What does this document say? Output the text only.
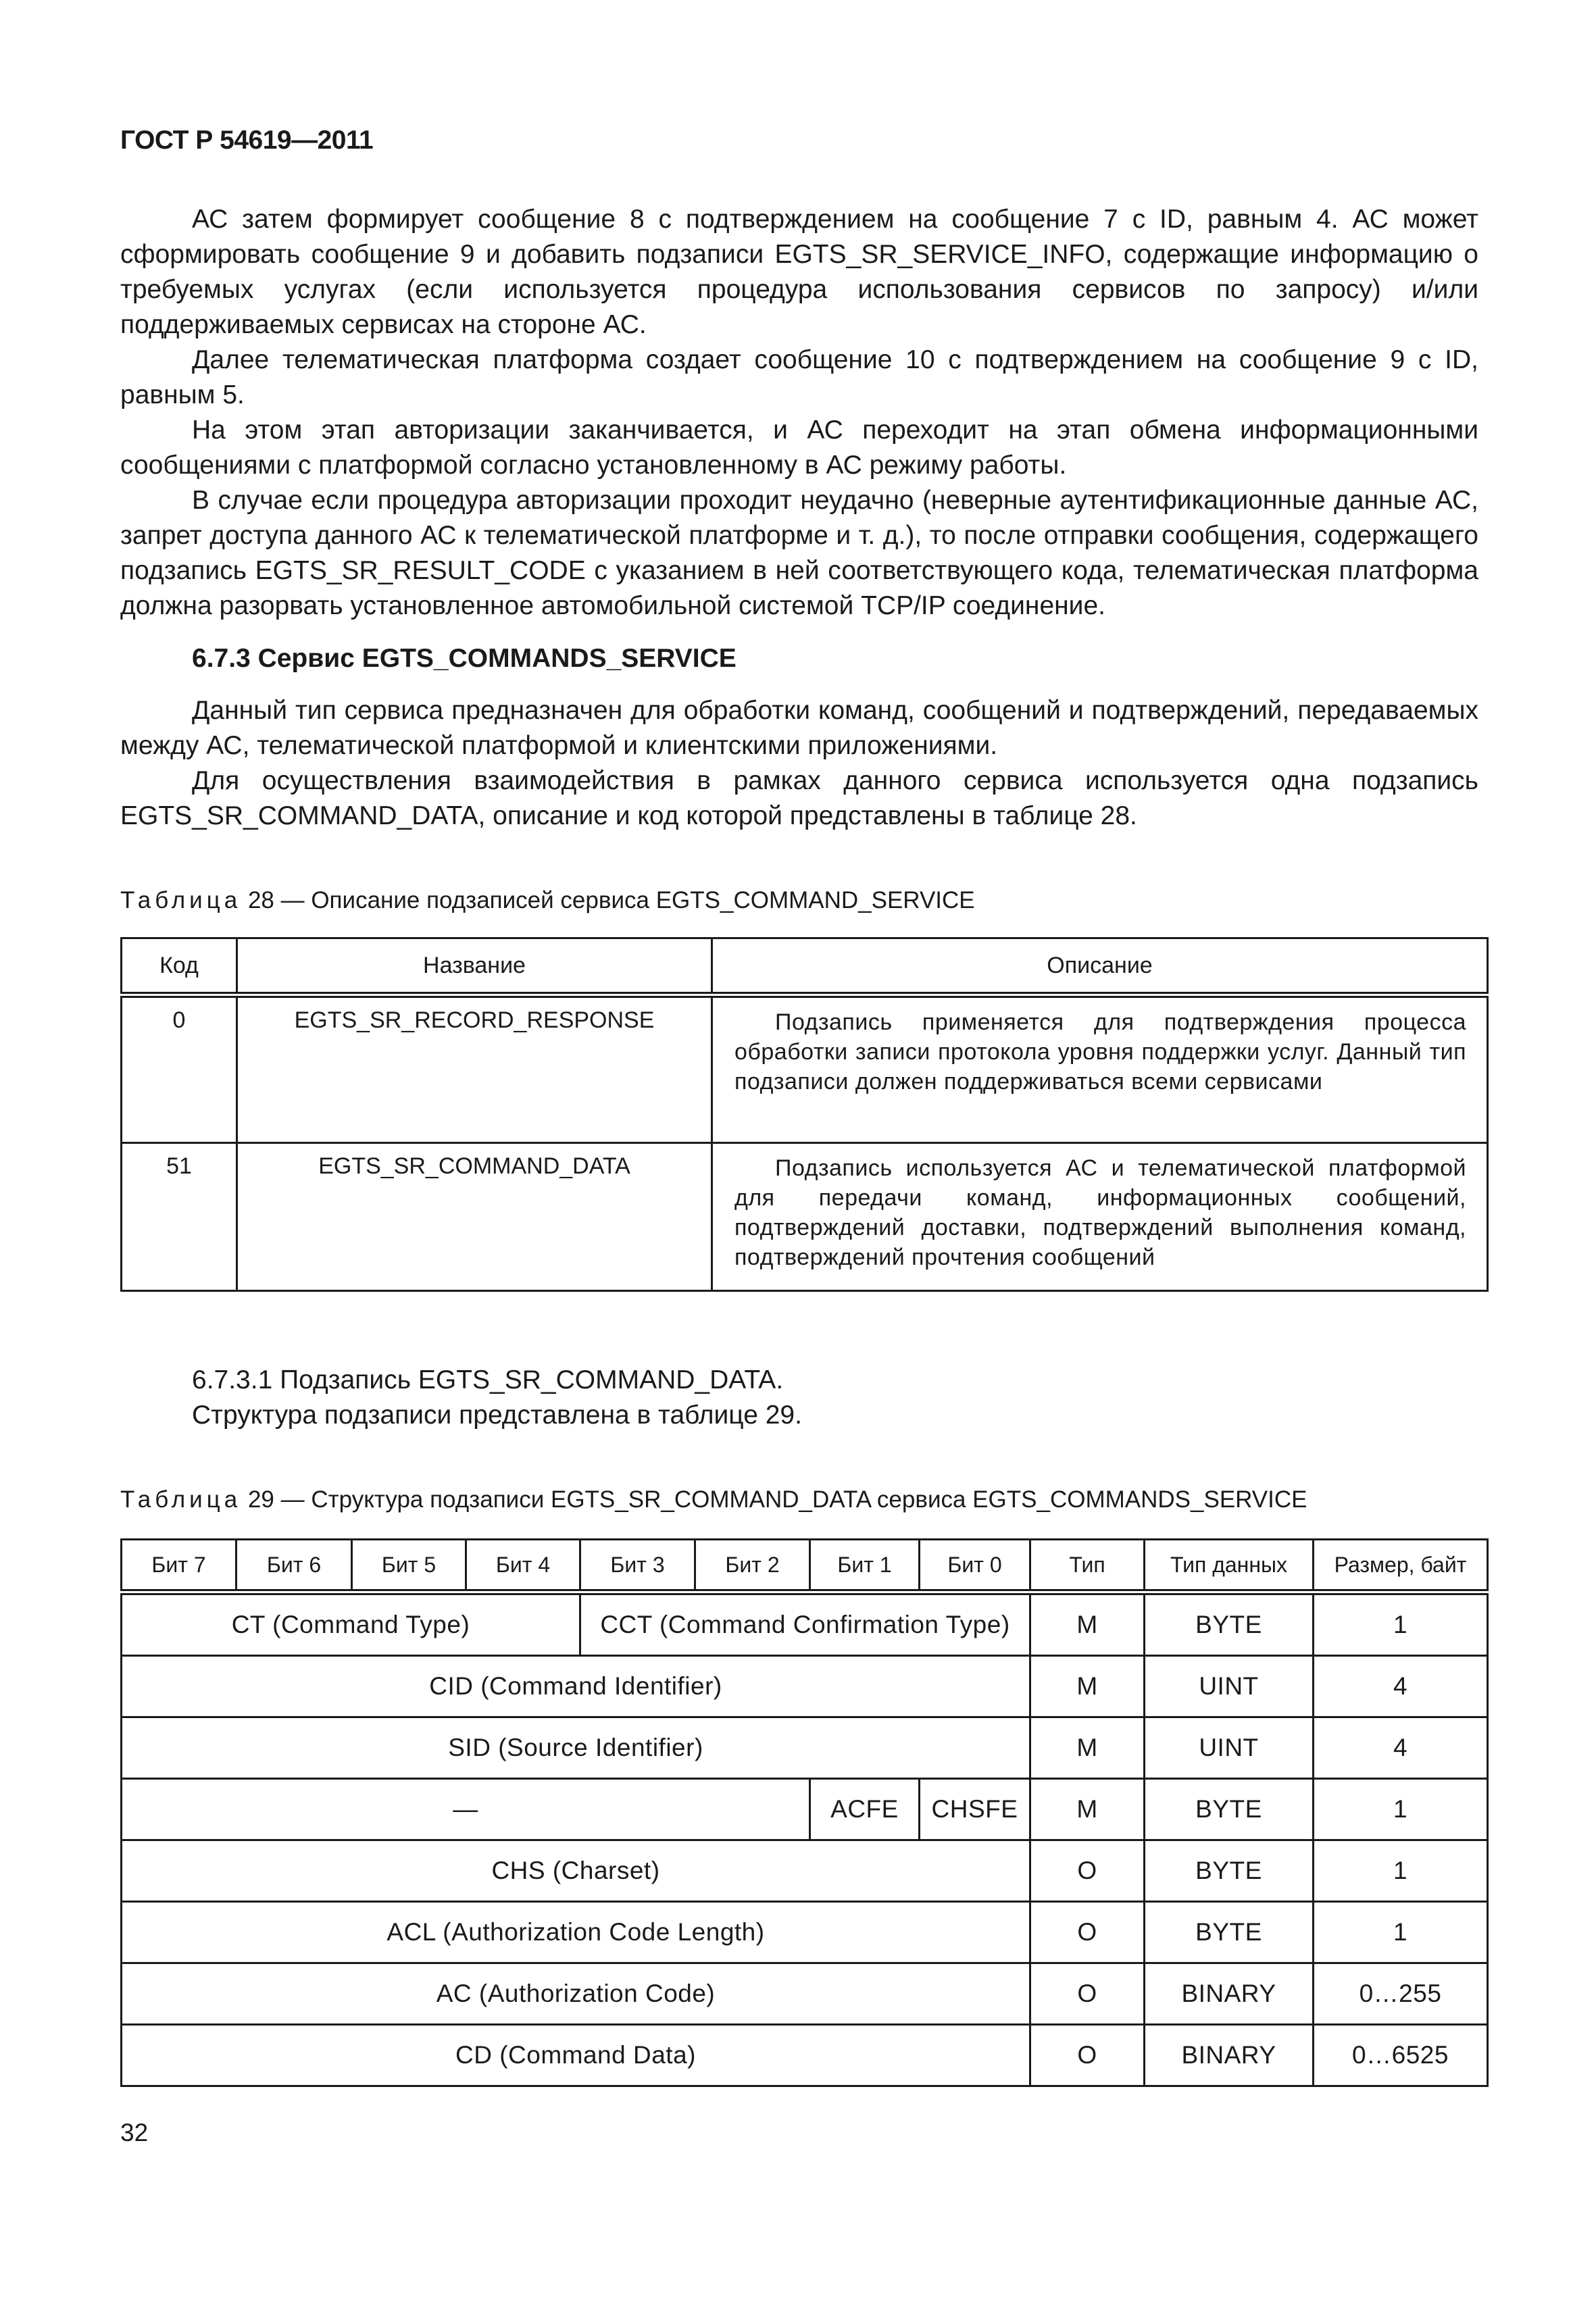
ГОСТ Р 54619—2011

АС затем формирует сообщение 8 с подтверждением на сообщение 7 с ID, равным 4. АС может сформировать сообщение 9 и добавить подзаписи EGTS_SR_SERVICE_INFO, содержащие информацию о требуемых услугах (если используется процедура использования сервисов по запросу) и/или поддерживаемых сервисах на стороне АС.

Далее телематическая платформа создает сообщение 10 с подтверждением на сообщение 9 с ID, равным 5.

На этом этап авторизации заканчивается, и АС переходит на этап обмена информационными сообщениями с платформой согласно установленному в АС режиму работы.

В случае если процедура авторизации проходит неудачно (неверные аутентификационные данные АС, запрет доступа данного АС к телематической платформе и т. д.), то после отправки сообщения, содержащего подзапись EGTS_SR_RESULT_CODE с указанием в ней соответствующего кода, телематическая платформа должна разорвать установленное автомобильной системой TCP/IP соединение.

6.7.3 Сервис EGTS_COMMANDS_SERVICE

Данный тип сервиса предназначен для обработки команд, сообщений и подтверждений, передаваемых между АС, телематической платформой и клиентскими приложениями.

Для осуществления взаимодействия в рамках данного сервиса используется одна подзапись EGTS_SR_COMMAND_DATA, описание и код которой представлены в таблице 28.

Таблица 28 — Описание подзаписей сервиса EGTS_COMMAND_SERVICE
Код	Название	Описание
0	EGTS_SR_RECORD_RESPONSE	Подзапись применяется для подтверждения процесса обработки записи протокола уровня поддержки услуг. Данный тип подзаписи должен поддерживаться всеми сервисами
51	EGTS_SR_COMMAND_DATA	Подзапись используется АС и телематической платформой для передачи команд, информационных сообщений, подтверждений доставки, подтверждений выполнения команд, подтверждений прочтения сообщений

6.7.3.1 Подзапись EGTS_SR_COMMAND_DATA.

Структура подзаписи представлена в таблице 29.

Таблица 29 — Структура подзаписи EGTS_SR_COMMAND_DATA сервиса EGTS_COMMANDS_SERVICE
Бит 7	Бит 6	Бит 5	Бит 4	Бит 3	Бит 2	Бит 1	Бит 0	Тип	Тип данных	Размер, байт
CT (Command Type)				CCT (Command Confirmation Type)				M	BYTE	1
CID (Command Identifier)								M	UINT	4
SID (Source Identifier)								M	UINT	4
—						ACFE	CHSFE	M	BYTE	1
CHS (Charset)								O	BYTE	1
ACL (Authorization Code Length)								O	BYTE	1
AC (Authorization Code)								O	BINARY	0…255
CD (Command Data)								O	BINARY	0…6525
32
